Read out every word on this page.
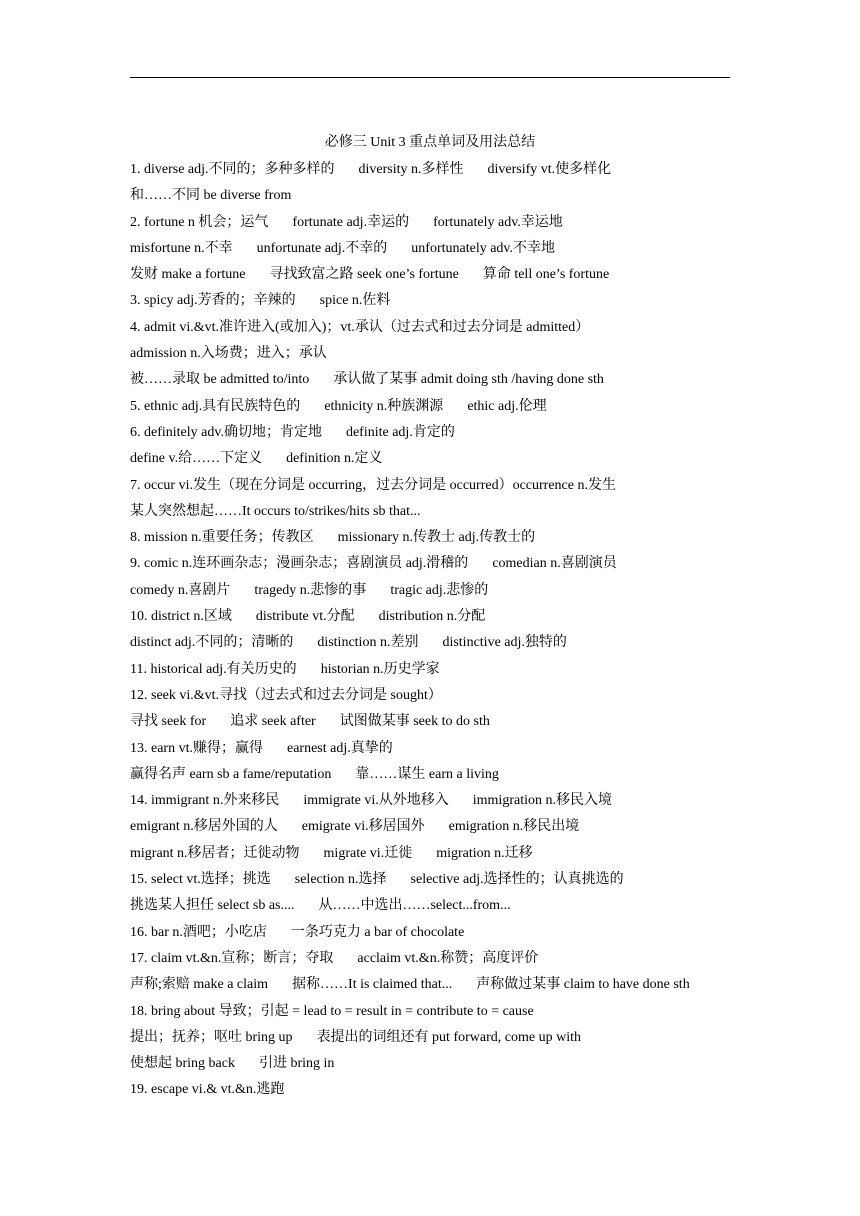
必修三 Unit 3 重点单词及用法总结
1. diverse adj.不同的；多种多样的 diversity n.多样性 diversify vt.使多样化
和……不同 be diverse from
2. fortune n 机会；运气 fortunate adj.幸运的 fortunately adv.幸运地
misfortune n.不幸 unfortunate adj.不幸的 unfortunately adv.不幸地
发财 make a fortune 寻找致富之路 seek one’s fortune 算命 tell one’s fortune
3. spicy adj.芳香的；辛辣的 spice n.佐料
4. admit vi.&vt.准许进入(或加入)；vt.承认（过去式和过去分词是 admitted）
admission n.入场费；进入；承认
被……录取 be admitted to/into 承认做了某事 admit doing sth /having done sth
5. ethnic adj.具有民族特色的 ethnicity n.种族渊源 ethic adj.伦理
6. definitely adv.确切地；肯定地 definite adj.肯定的
define v.给……下定义 definition n.定义
7. occur vi.发生（现在分词是 occurring，过去分词是 occurred）occurrence n.发生
某人突然想起……It occurs to/strikes/hits sb that...
8. mission n.重要任务；传教区 missionary n.传教士 adj.传教士的
9. comic n.连环画杂志；漫画杂志；喜剧演员 adj.滑稽的 comedian n.喜剧演员
comedy n.喜剧片 tragedy n.悲惨的事 tragic adj.悲惨的
10. district n.区域 distribute vt.分配 distribution n.分配
distinct adj.不同的；清晰的 distinction n.差别 distinctive adj.独特的
11. historical adj.有关历史的 historian n.历史学家
12. seek vi.&vt.寻找（过去式和过去分词是 sought）
寻找 seek for 追求 seek after 试图做某事 seek to do sth
13. earn vt.赚得；赢得 earnest adj.真挚的
赢得名声 earn sb a fame/reputation 靠……谋生 earn a living
14. immigrant n.外来移民 immigrate vi.从外地移入 immigration n.移民入境
emigrant n.移居外国的人 emigrate vi.移居国外 emigration n.移民出境
migrant n.移居者；迁徙动物 migrate vi.迁徙 migration n.迁移
15. select vt.选择；挑选 selection n.选择 selective adj.选择性的；认真挑选的
挑选某人担任 select sb as.... 从……中选出……select...from...
16. bar n.酒吧；小吃店 一条巧克力 a bar of chocolate
17. claim vt.&n.宣称；断言；夺取 acclaim vt.&n.称赞；高度评价
声称;索赔 make a claim 据称……It is claimed that... 声称做过某事 claim to have done sth
18. bring about 导致；引起 = lead to = result in = contribute to = cause
提出；抚养；呕吐 bring up 表提出的词组还有 put forward, come up with
使想起 bring back 引进 bring in
19. escape vi.& vt.&n.逃跑
